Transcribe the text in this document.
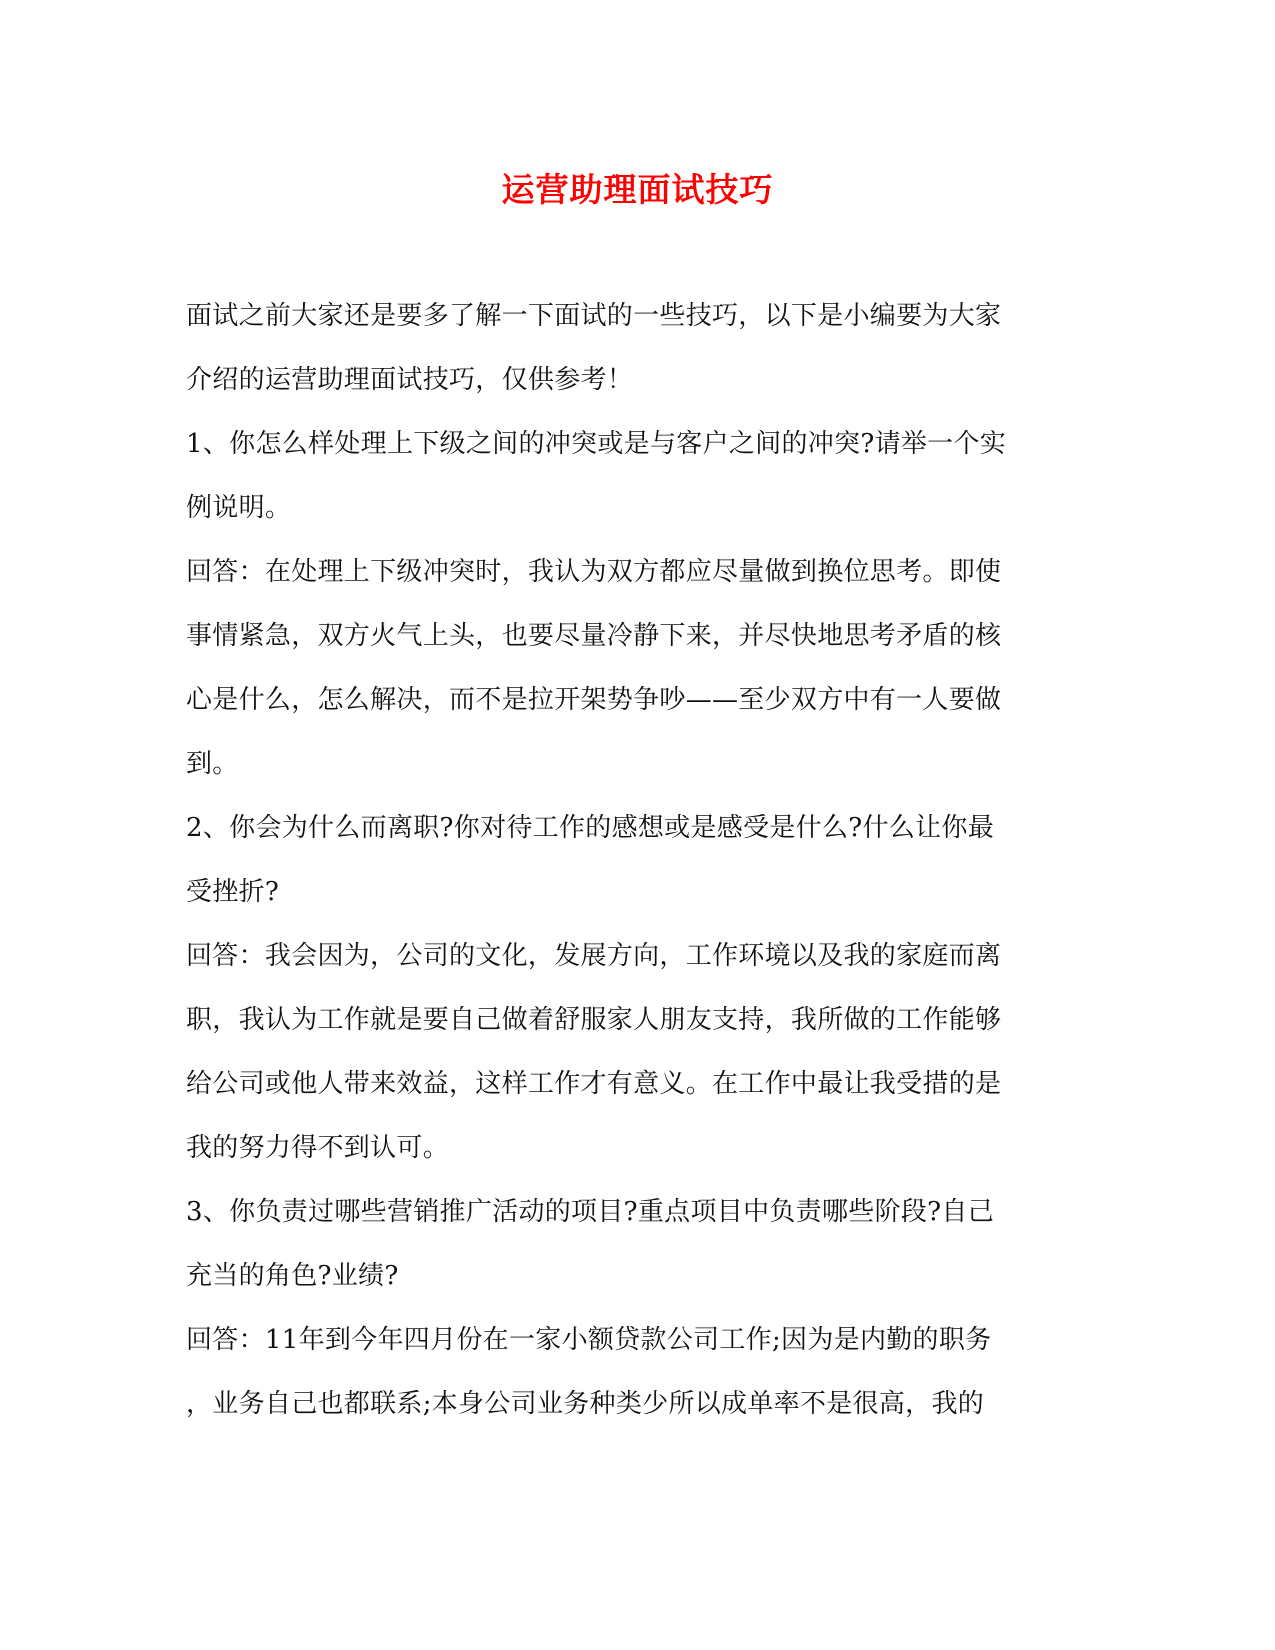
运营助理面试技巧
面试之前大家还是要多了解一下面试的一些技巧，以下是小编要为大家
介绍的运营助理面试技巧，仅供参考！
1、你怎么样处理上下级之间的冲突或是与客户之间的冲突?请举一个实
例说明。
回答：在处理上下级冲突时，我认为双方都应尽量做到换位思考。即使
事情紧急，双方火气上头，也要尽量冷静下来，并尽快地思考矛盾的核
心是什么，怎么解决，而不是拉开架势争吵——至少双方中有一人要做
到。
2、你会为什么而离职?你对待工作的感想或是感受是什么?什么让你最
受挫折?
回答：我会因为，公司的文化，发展方向，工作环境以及我的家庭而离
职，我认为工作就是要自己做着舒服家人朋友支持，我所做的工作能够
给公司或他人带来效益，这样工作才有意义。在工作中最让我受措的是
我的努力得不到认可。
3、你负责过哪些营销推广活动的项目?重点项目中负责哪些阶段?自己
充当的角色?业绩?
回答：11年到今年四月份在一家小额贷款公司工作;因为是内勤的职务
，业务自己也都联系;本身公司业务种类少所以成单率不是很高，我的
